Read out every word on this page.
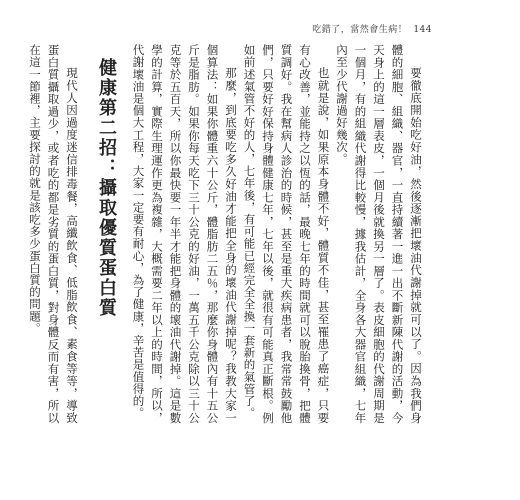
吃錯了，當然會生病！ 144

要徹底開始吃好油，然後逐漸把壞油代謝掉就可以了。因為我們身體的細胞、組織、器官，一直持續著一進一出不斷新陳代謝的活動，今天身上的這一層表皮，一個月後就換另一層了。表皮細胞的代謝周期是一個月，有的組織代謝得比較慢，據我估計，全身各大器官組織，七年內至少代謝過好幾次。

也就是說，如果原本身體不好，體質不佳，甚至罹患了癌症，只要有心改善，並能持之以恆的話，最晚七年的時間就可以脫胎換骨，把體質調好。我在幫病人診治的時候，甚至是重大疾病患者，我常常鼓勵他們，只要好好保持身體健康七年，七年以後，就很有可能真正斷根。例如前述氣管不好的人，七年後，有可能已經完全全換一套新的氣管了。

那麼，到底要吃多久好油才能把全身的壞油代謝掉呢？我教大家一個算法：如果你體重六十公斤，體脂肪二五％，那麼你身體內有十五公斤是脂肪。如果你每天吃下三十公克的好油，一萬五千公克除以三十公克等於五百天，所以你最快要一年半才能把身體的壞油代謝掉。這是數學的計算，實際生理運作更為複雜，大概需要二年以上的時間，所以，代謝壞油是個大工程，大家一定要有耐心，為了健康，辛苦是值得的。

健康第二招：攝取優質蛋白質

現代人因過度迷信排毒餐，高纖飲食、低脂飲食、素食等等，導致蛋白質攝取過少，或者吃的都是劣質的蛋白質，對身體反而有害，所以在這一節裡，主要探討的就是該吃多少蛋白質的問題。
